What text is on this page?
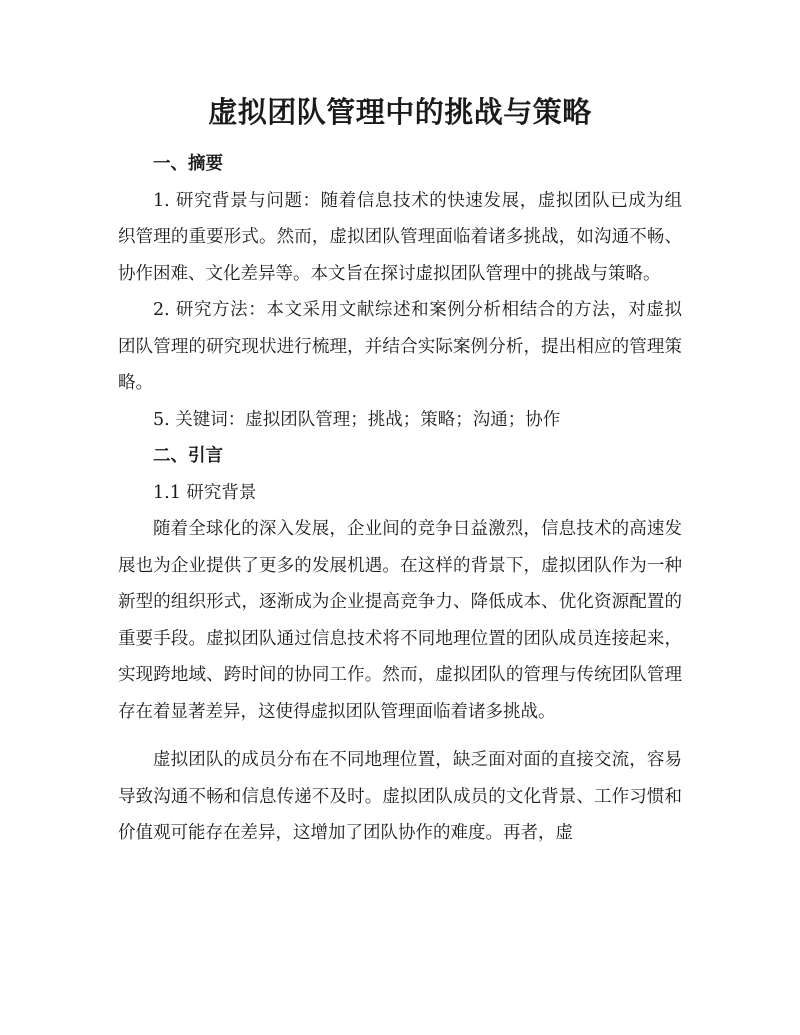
虚拟团队管理中的挑战与策略
一、摘要

1. 研究背景与问题：随着信息技术的快速发展，虚拟团队已成为组织管理的重要形式。然而，虚拟团队管理面临着诸多挑战，如沟通不畅、协作困难、文化差异等。本文旨在探讨虚拟团队管理中的挑战与策略。

2. 研究方法：本文采用文献综述和案例分析相结合的方法，对虚拟团队管理的研究现状进行梳理，并结合实际案例分析，提出相应的管理策略。

5. 关键词：虚拟团队管理；挑战；策略；沟通；协作

二、引言

1.1 研究背景

随着全球化的深入发展，企业间的竞争日益激烈，信息技术的高速发展也为企业提供了更多的发展机遇。在这样的背景下，虚拟团队作为一种新型的组织形式，逐渐成为企业提高竞争力、降低成本、优化资源配置的重要手段。虚拟团队通过信息技术将不同地理位置的团队成员连接起来，实现跨地域、跨时间的协同工作。然而，虚拟团队的管理与传统团队管理存在着显著差异，这使得虚拟团队管理面临着诸多挑战。

虚拟团队的成员分布在不同地理位置，缺乏面对面的直接交流，容易导致沟通不畅和信息传递不及时。虚拟团队成员的文化背景、工作习惯和价值观可能存在差异，这增加了团队协作的难度。再者，虚
